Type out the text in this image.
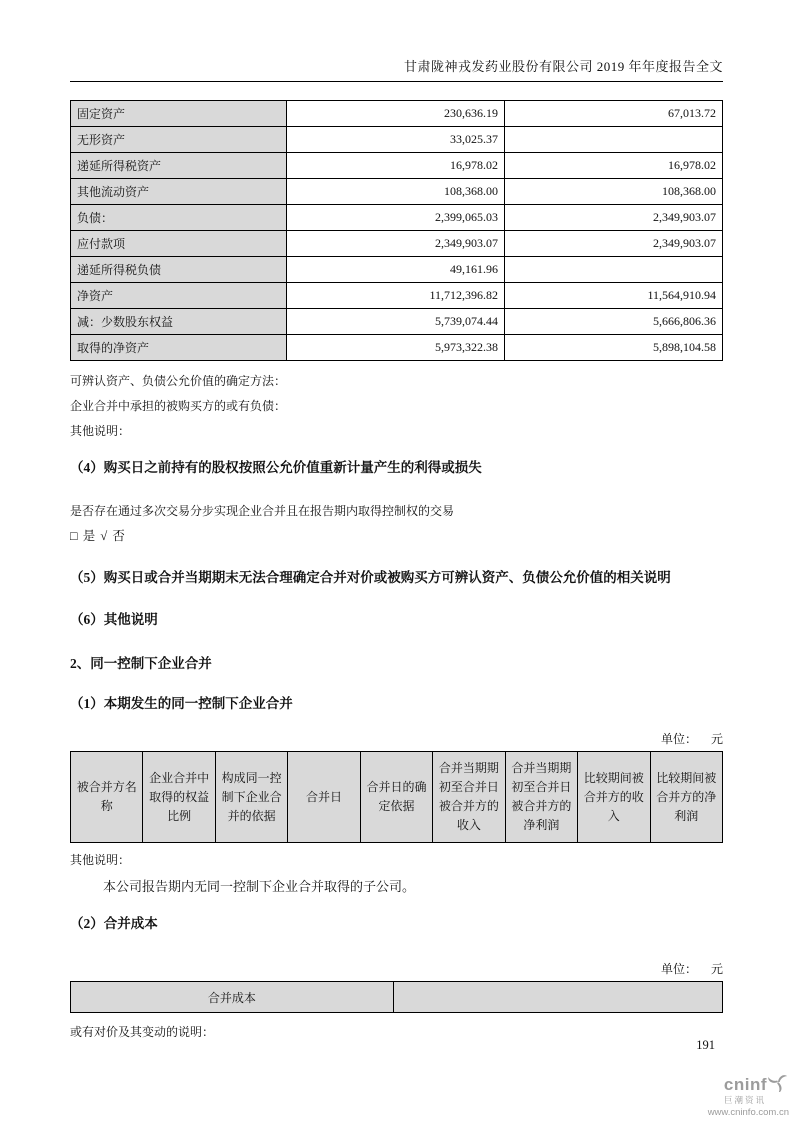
甘肃陇神戎发药业股份有限公司 2019 年年度报告全文
固定资产	230,636.19	67,013.72
无形资产	33,025.37	
递延所得税资产	16,978.02	16,978.02
其他流动资产	108,368.00	108,368.00
负债：	2,399,065.03	2,349,903.07
应付款项	2,349,903.07	2,349,903.07
递延所得税负债	49,161.96	
净资产	11,712,396.82	11,564,910.94
减：少数股东权益	5,739,074.44	5,666,806.36
取得的净资产	5,973,322.38	5,898,104.58

可辨认资产、负债公允价值的确定方法：

企业合并中承担的被购买方的或有负债：

其他说明：

（4）购买日之前持有的股权按照公允价值重新计量产生的利得或损失

是否存在通过多次交易分步实现企业合并且在报告期内取得控制权的交易

□ 是 √ 否

（5）购买日或合并当期期末无法合理确定合并对价或被购买方可辨认资产、负债公允价值的相关说明

（6）其他说明

2、同一控制下企业合并

（1）本期发生的同一控制下企业合并

单位： 元
被合并方名称	企业合并中取得的权益比例	构成同一控制下企业合并的依据	合并日	合并日的确定依据	合并当期期初至合并日被合并方的收入	合并当期期初至合并日被合并方的净利润	比较期间被合并方的收入	比较期间被合并方的净利润

其他说明：

本公司报告期内无同一控制下企业合并取得的子公司。

（2）合并成本

单位： 元
合并成本	

或有对价及其变动的说明：

191
cninf
巨潮资讯
www.cninfo.com.cn
